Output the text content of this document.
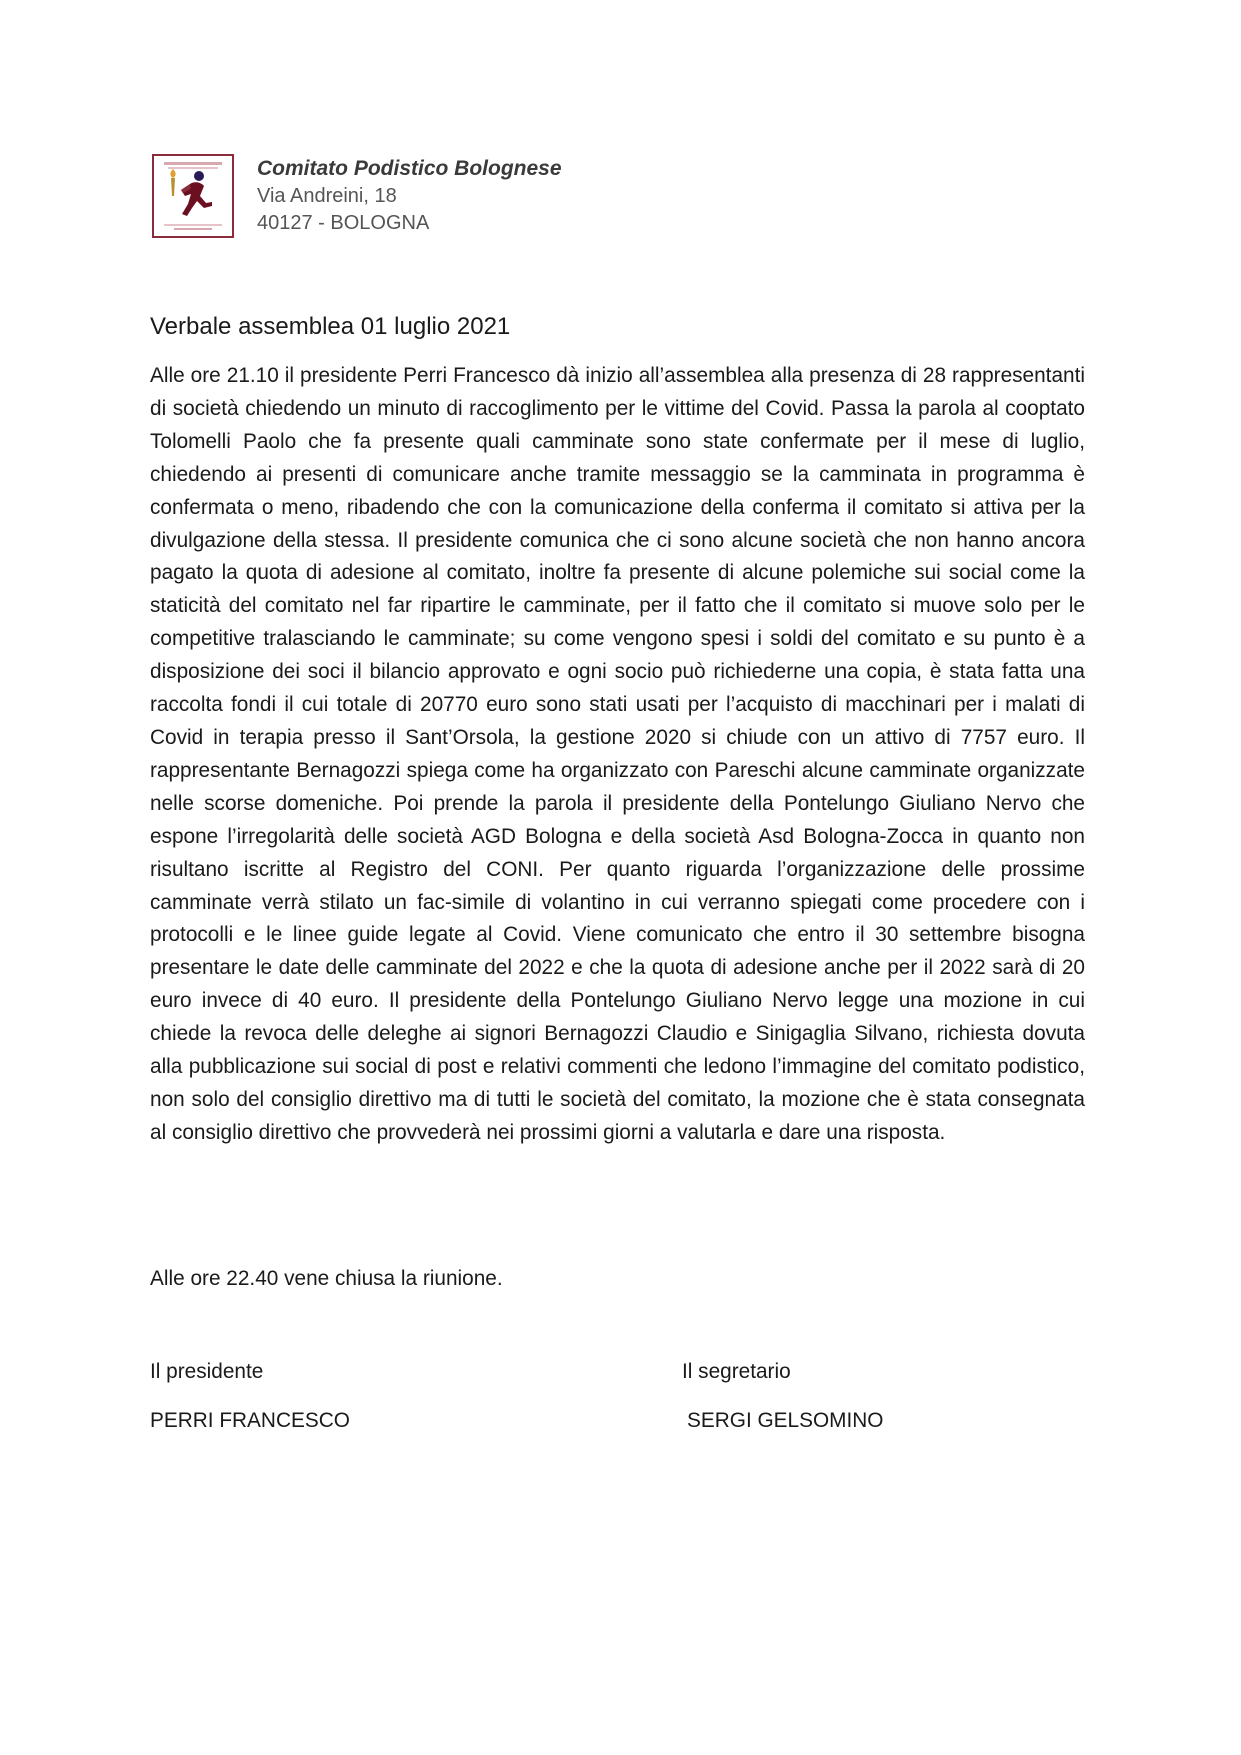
Comitato Podistico Bolognese
Via Andreini, 18
40127 - BOLOGNA
Verbale assemblea 01 luglio 2021

Alle ore 21.10 il presidente Perri Francesco dà inizio all’assemblea alla presenza di 28 rappresentanti di società chiedendo un minuto di raccoglimento per le vittime del Covid. Passa la parola al cooptato Tolomelli Paolo che fa presente quali camminate sono state confermate per il mese di luglio, chiedendo ai presenti di comunicare anche tramite messaggio se la camminata in programma è confermata o meno, ribadendo che con la comunicazione della conferma il comitato si attiva per la divulgazione della stessa. Il presidente comunica che ci sono alcune società che non hanno ancora pagato la quota di adesione al comitato, inoltre fa presente di alcune polemiche sui social come la staticità del comitato nel far ripartire le camminate, per il fatto che il comitato si muove solo per le competitive tralasciando le camminate; su come vengono spesi i soldi del comitato e su punto è a disposizione dei soci il bilancio approvato e ogni socio può richiederne una copia, è stata fatta una raccolta fondi il cui totale di 20770 euro sono stati usati per l’acquisto di macchinari per i malati di Covid in terapia presso il Sant’Orsola, la gestione 2020 si chiude con un attivo di 7757 euro. Il rappresentante Bernagozzi spiega come ha organizzato con Pareschi alcune camminate organizzate nelle scorse domeniche. Poi prende la parola il presidente della Pontelungo Giuliano Nervo che espone l’irregolarità delle società AGD Bologna e della società Asd Bologna-Zocca in quanto non risultano iscritte al Registro del CONI. Per quanto riguarda l’organizzazione delle prossime camminate verrà stilato un fac-simile di volantino in cui verranno spiegati come procedere con i protocolli e le linee guide legate al Covid. Viene comunicato che entro il 30 settembre bisogna presentare le date delle camminate del 2022 e che la quota di adesione anche per il 2022 sarà di 20 euro invece di 40 euro. Il presidente della Pontelungo Giuliano Nervo legge una mozione in cui chiede la revoca delle deleghe ai signori Bernagozzi Claudio e Sinigaglia Silvano, richiesta dovuta alla pubblicazione sui social di post e relativi commenti che ledono l’immagine del comitato podistico, non solo del consiglio direttivo ma di tutti le società del comitato, la mozione che è stata consegnata al consiglio direttivo che provvederà nei prossimi giorni a valutarla e dare una risposta.

Alle ore 22.40 vene chiusa la riunione.
Il presidente
PERRI FRANCESCO
Il segretario
SERGI GELSOMINO
